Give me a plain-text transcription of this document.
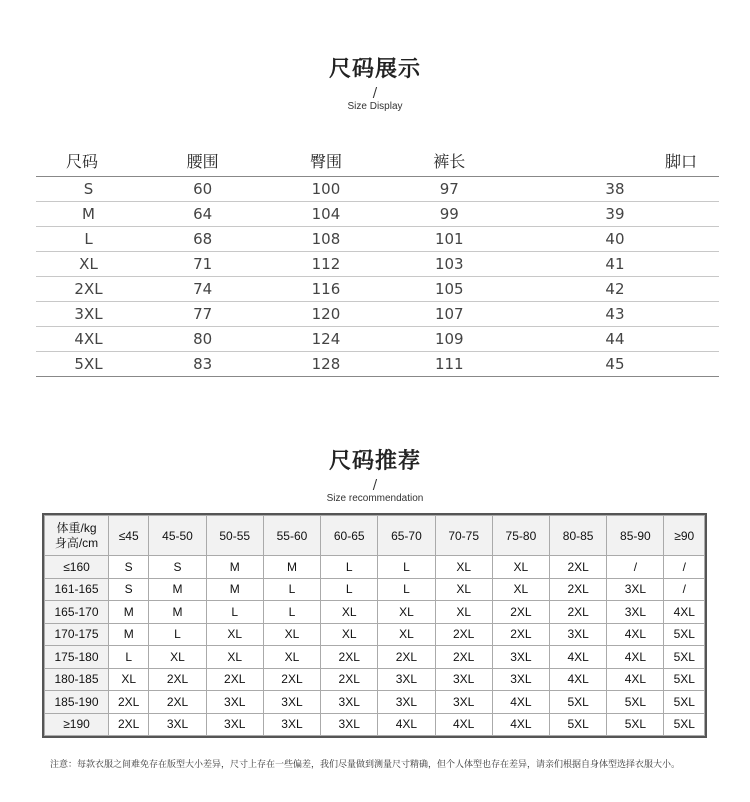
尺码展示
/
Size Display
尺码	腰围	臀围	裤长	脚口
S	60	100	97	38
M	64	104	99	39
L	68	108	101	40
XL	71	112	103	41
2XL	74	116	105	42
3XL	77	120	107	43
4XL	80	124	109	44
5XL	83	128	111	45
尺码推荐
/
Size recommendation
体重/kg
身高/cm	≤45	45-50	50-55	55-60	60-65	65-70	70-75	75-80	80-85	85-90	≥90
≤160	S	S	M	M	L	L	XL	XL	2XL	/	/
161-165	S	M	M	L	L	L	XL	XL	2XL	3XL	/
165-170	M	M	L	L	XL	XL	XL	2XL	2XL	3XL	4XL
170-175	M	L	XL	XL	XL	XL	2XL	2XL	3XL	4XL	5XL
175-180	L	XL	XL	XL	2XL	2XL	2XL	3XL	4XL	4XL	5XL
180-185	XL	2XL	2XL	2XL	2XL	3XL	3XL	3XL	4XL	4XL	5XL
185-190	2XL	2XL	3XL	3XL	3XL	3XL	3XL	4XL	5XL	5XL	5XL
≥190	2XL	3XL	3XL	3XL	3XL	4XL	4XL	4XL	5XL	5XL	5XL
注意：每款衣服之间难免存在版型大小差异，尺寸上存在一些偏差，我们尽量做到测量尺寸精确，但个人体型也存在差异，请亲们根据自身体型选择衣服大小。
